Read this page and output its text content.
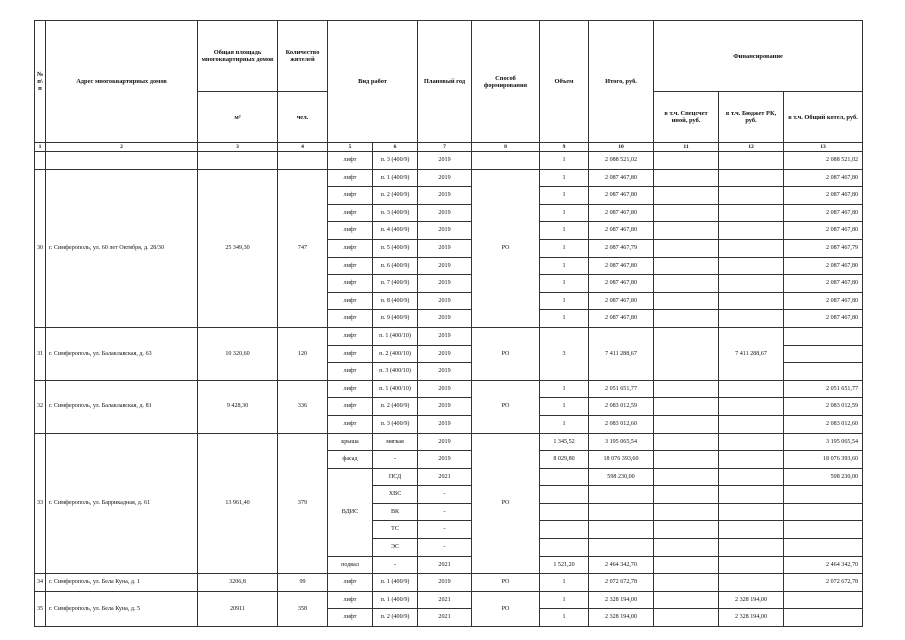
№ п\ п	Адрес многоквартирных домов	Общая площадь многоквартирных домов	Количество жителей	Вид работ		Плановый год	Способ формирования	Объем	Итого, руб.	Финансирование		
		м²	чел.							в т.ч. Спецсчет иной, руб.	в т.ч. Бюджет РК, руб.	в т.ч. Общий котел, руб.
1	2	3	4	5	6	7	8	9	10	11	12	13
				лифт	п. 3 (400/9)	2019		1	2 088 521,02			2 088 521,02
30	г. Симферополь, ул. 60 лет Октября, д. 28/30	25 349,30	747	лифт	п. 1 (400/9)	2019	РО	1	2 087 467,80			2 087 467,80
				лифт	п. 2 (400/9)	2019		1	2 087 467,80			2 087 467,80
				лифт	п. 3 (400/9)	2019		1	2 087 467,80			2 087 467,80
				лифт	п. 4 (400/9)	2019		1	2 087 467,80			2 087 467,80
				лифт	п. 5 (400/9)	2019		1	2 087 467,79			2 087 467,79
				лифт	п. 6 (400/9)	2019		1	2 087 467,80			2 087 467,80
				лифт	п. 7 (400/9)	2019		1	2 087 467,80			2 087 467,80
				лифт	п. 8 (400/9)	2019		1	2 087 467,80			2 087 467,80
				лифт	п. 9 (400/9)	2019		1	2 087 467,80			2 087 467,80
31	г. Симферополь, ул. Балаклавская, д. 63	10 320,60	120	лифт	п. 1 (400/10)	2019	РО	3	7 411 288,67		7 411 288,67	
				лифт	п. 2 (400/10)	2019						
				лифт	п. 3 (400/10)	2019						
32	г. Симферополь, ул. Балаклавская, д. 81	9 428,30	336	лифт	п. 1 (400/10)	2019	РО	1	2 051 651,77			2 051 651,77
				лифт	п. 2 (400/9)	2019		1	2 083 012,59			2 083 012,59
				лифт	п. 3 (400/9)	2019		1	2 083 012,60			2 083 012,60
33	г. Симферополь, ул. Баррикадная, д. 61	13 961,40	379	крыша	мягкая	2019	РО	1 345,52	3 195 065,54			3 195 065,54
				фасад	-	2019		8 029,80	18 076 393,60			18 076 393,60
				ВДИС	ПСД	2021			598 230,00			598 230,00
					ХВС	-						
					ВК	-						
					ТС	-						
					ЭС	-						
				подвал	-	2021		1 521,20	2 464 342,70			2 464 342,70
34	г. Симферополь, ул. Бела Куна, д. 1	3206,8	99	лифт	п. 1 (400/9)	2019	РО	1	2 072 672,78			2 072 672,78
35	г. Симферополь, ул. Бела Куна, д. 5	20911	358	лифт	п. 1 (400/9)	2021	РО	1	2 328 194,00		2 328 194,00	
				лифт	п. 2 (400/9)	2021		1	2 328 194,00		2 328 194,00	
